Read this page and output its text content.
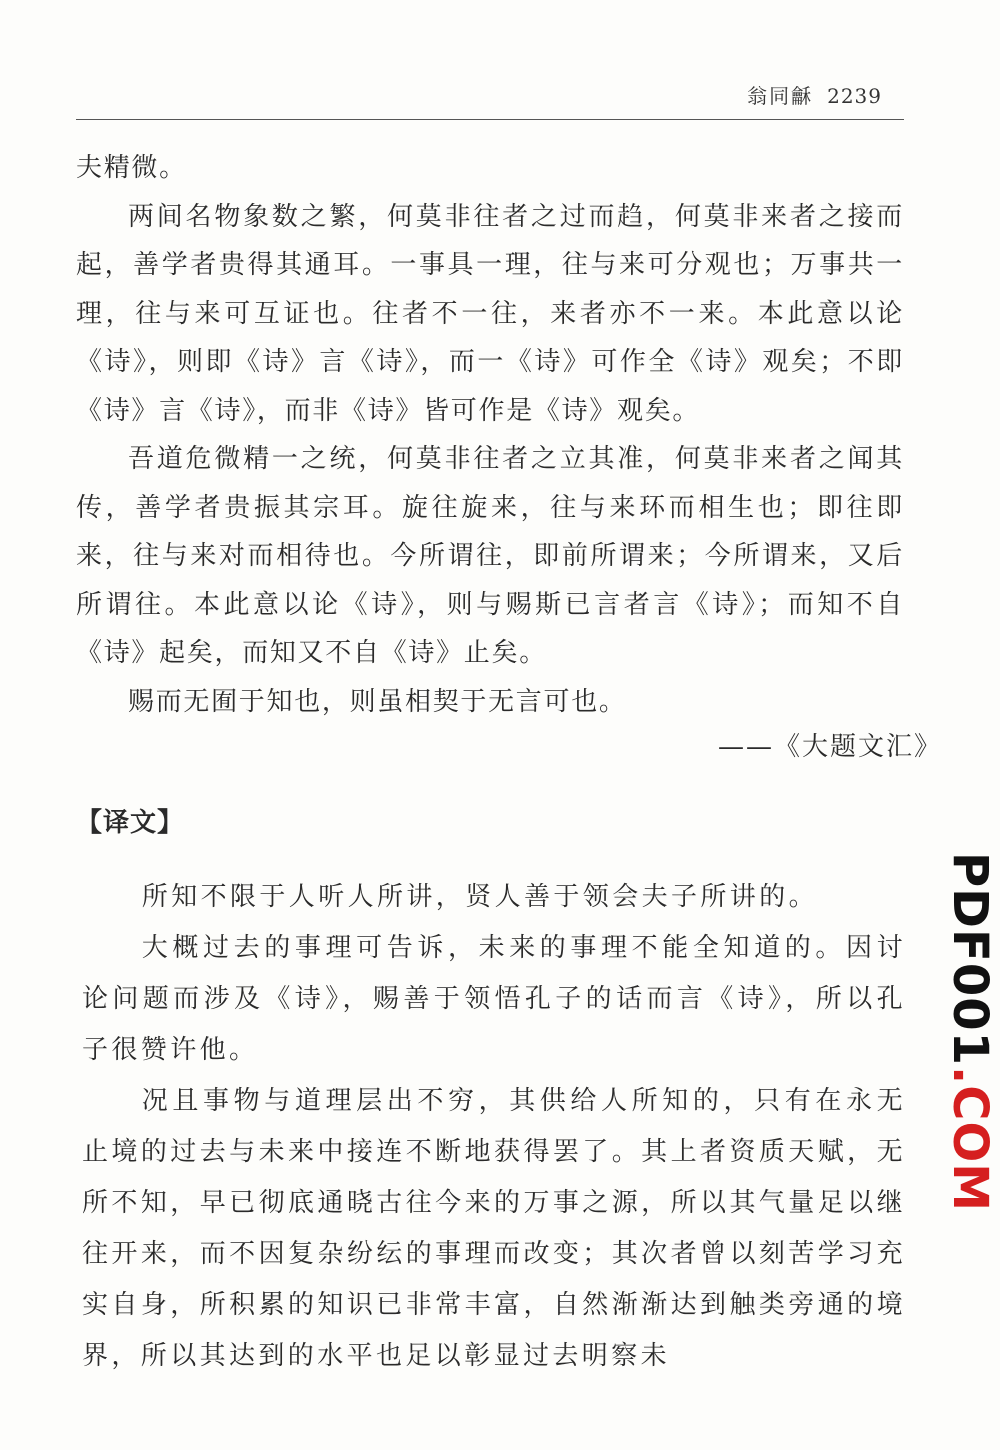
翁同龢 2239

夫精微。

两间名物象数之繁，何莫非往者之过而趋，何莫非来者之接而起，善学者贵得其通耳。一事具一理，往与来可分观也；万事共一理，往与来可互证也。往者不一往，来者亦不一来。本此意以论《诗》，则即《诗》言《诗》，而一《诗》可作全《诗》观矣；不即《诗》言《诗》，而非《诗》皆可作是《诗》观矣。

吾道危微精一之统，何莫非往者之立其准，何莫非来者之闻其传，善学者贵振其宗耳。旋往旋来，往与来环而相生也；即往即来，往与来对而相待也。今所谓往，即前所谓来；今所谓来，又后所谓往。本此意以论《诗》，则与赐斯已言者言《诗》；而知不自《诗》起矣，而知又不自《诗》止矣。

赐而无囿于知也，则虽相契于无言可也。

——《大题文汇》
【译文】

所知不限于人听人所讲，贤人善于领会夫子所讲的。

大概过去的事理可告诉，未来的事理不能全知道的。因讨论问题而涉及《诗》，赐善于领悟孔子的话而言《诗》，所以孔子很赞许他。

况且事物与道理层出不穷，其供给人所知的，只有在永无止境的过去与未来中接连不断地获得罢了。其上者资质天赋，无所不知，早已彻底通晓古往今来的万事之源，所以其气量足以继往开来，而不因复杂纷纭的事理而改变；其次者曾以刻苦学习充实自身，所积累的知识已非常丰富，自然渐渐达到触类旁通的境界，所以其达到的水平也足以彰显过去明察未

PDF001.COM
